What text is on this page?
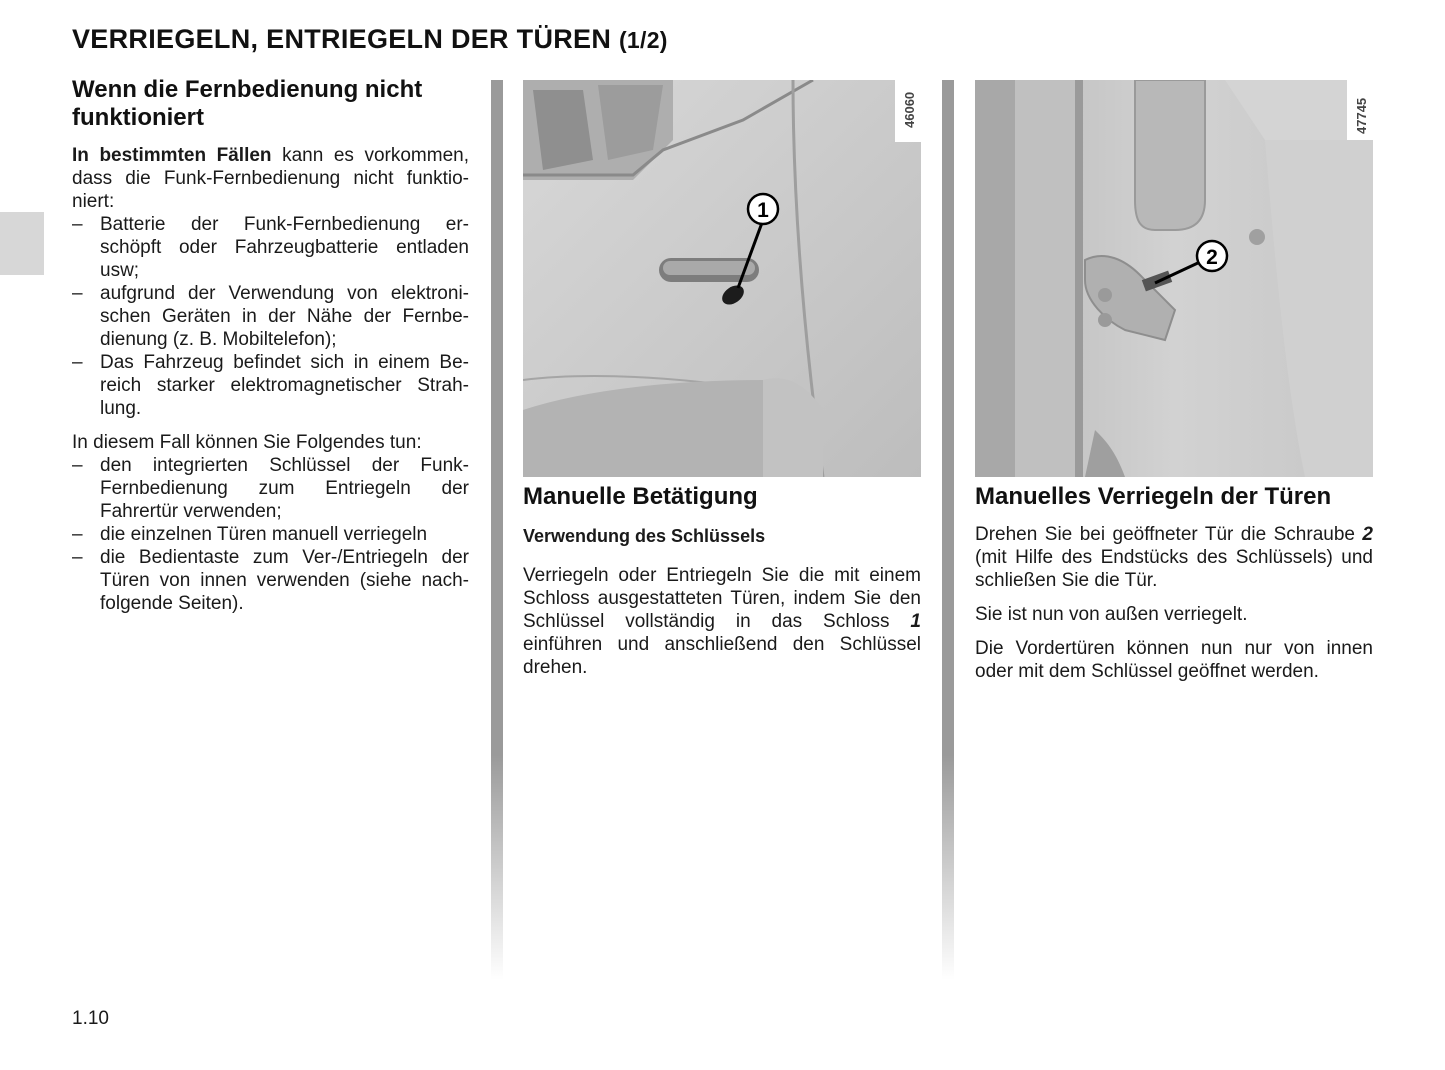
VERRIEGELN, ENTRIEGELN DER TÜREN (1/2)
Wenn die Fernbedienung nicht funktioniert

In bestimmten Fällen kann es vorkommen, dass die Funk-Fernbedienung nicht funktio-niert:

– Batterie der Funk-Fernbedienung er-schöpft oder Fahrzeugbatterie entladen usw;
– aufgrund der Verwendung von elektroni-schen Geräten in der Nähe der Fernbe-dienung (z. B. Mobiltelefon);
– Das Fahrzeug befindet sich in einem Be-reich starker elektromagnetischer Strah-lung.

In diesem Fall können Sie Folgendes tun:

– den integrierten Schlüssel der Funk-Fernbedienung zum Entriegeln der Fahrertür verwenden;
– die einzelnen Türen manuell verriegeln
– die Bedientaste zum Ver-/Entriegeln der Türen von innen verwenden (siehe nach-folgende Seiten).
1
46060
Manuelle Betätigung
Verwendung des Schlüssels

Verriegeln oder Entriegeln Sie die mit einem Schloss ausgestatteten Türen, indem Sie den Schlüssel vollständig in das Schloss 1 einführen und anschließend den Schlüssel drehen.

2
47745
Manuelles Verriegeln der Türen

Drehen Sie bei geöffneter Tür die Schraube 2 (mit Hilfe des Endstücks des Schlüssels) und schließen Sie die Tür.

Sie ist nun von außen verriegelt.

Die Vordertüren können nun nur von innen oder mit dem Schlüssel geöffnet werden.

1.10
